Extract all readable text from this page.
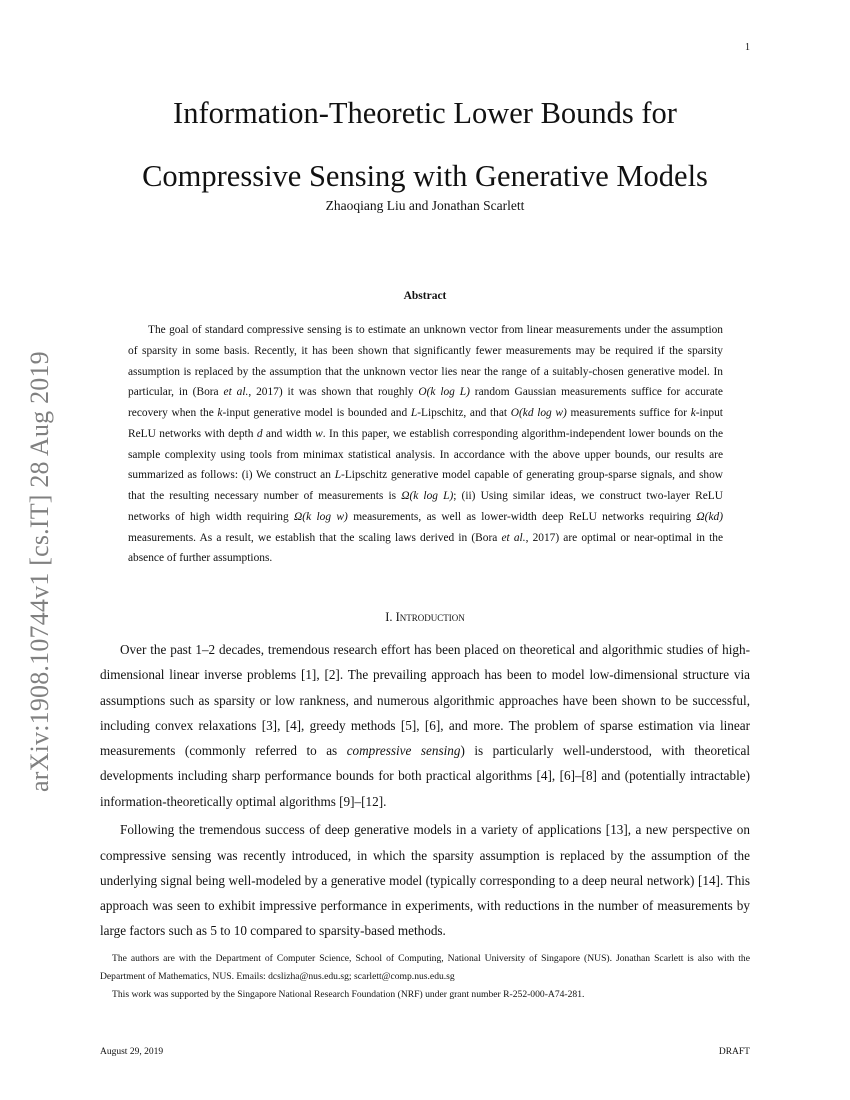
1
Information-Theoretic Lower Bounds for
Compressive Sensing with Generative Models
Zhaoqiang Liu and Jonathan Scarlett
arXiv:1908.10744v1 [cs.IT] 28 Aug 2019
Abstract

The goal of standard compressive sensing is to estimate an unknown vector from linear measurements under the assumption of sparsity in some basis. Recently, it has been shown that significantly fewer measurements may be required if the sparsity assumption is replaced by the assumption that the unknown vector lies near the range of a suitably-chosen generative model. In particular, in (Bora et al., 2017) it was shown that roughly O(k log L) random Gaussian measurements suffice for accurate recovery when the k-input generative model is bounded and L-Lipschitz, and that O(kd log w) measurements suffice for k-input ReLU networks with depth d and width w. In this paper, we establish corresponding algorithm-independent lower bounds on the sample complexity using tools from minimax statistical analysis. In accordance with the above upper bounds, our results are summarized as follows: (i) We construct an L-Lipschitz generative model capable of generating group-sparse signals, and show that the resulting necessary number of measurements is Ω(k log L); (ii) Using similar ideas, we construct two-layer ReLU networks of high width requiring Ω(k log w) measurements, as well as lower-width deep ReLU networks requiring Ω(kd) measurements. As a result, we establish that the scaling laws derived in (Bora et al., 2017) are optimal or near-optimal in the absence of further assumptions.

I. Introduction

Over the past 1–2 decades, tremendous research effort has been placed on theoretical and algorithmic studies of high-dimensional linear inverse problems [1], [2]. The prevailing approach has been to model low-dimensional structure via assumptions such as sparsity or low rankness, and numerous algorithmic approaches have been shown to be successful, including convex relaxations [3], [4], greedy methods [5], [6], and more. The problem of sparse estimation via linear measurements (commonly referred to as compressive sensing) is particularly well-understood, with theoretical developments including sharp performance bounds for both practical algorithms [4], [6]–[8] and (potentially intractable) information-theoretically optimal algorithms [9]–[12].

Following the tremendous success of deep generative models in a variety of applications [13], a new perspective on compressive sensing was recently introduced, in which the sparsity assumption is replaced by the assumption of the underlying signal being well-modeled by a generative model (typically corresponding to a deep neural network) [14]. This approach was seen to exhibit impressive performance in experiments, with reductions in the number of measurements by large factors such as 5 to 10 compared to sparsity-based methods.

The authors are with the Department of Computer Science, School of Computing, National University of Singapore (NUS). Jonathan Scarlett is also with the Department of Mathematics, NUS. Emails: dcslizha@nus.edu.sg; scarlett@comp.nus.edu.sg

This work was supported by the Singapore National Research Foundation (NRF) under grant number R-252-000-A74-281.

August 29, 2019	DRAFT
